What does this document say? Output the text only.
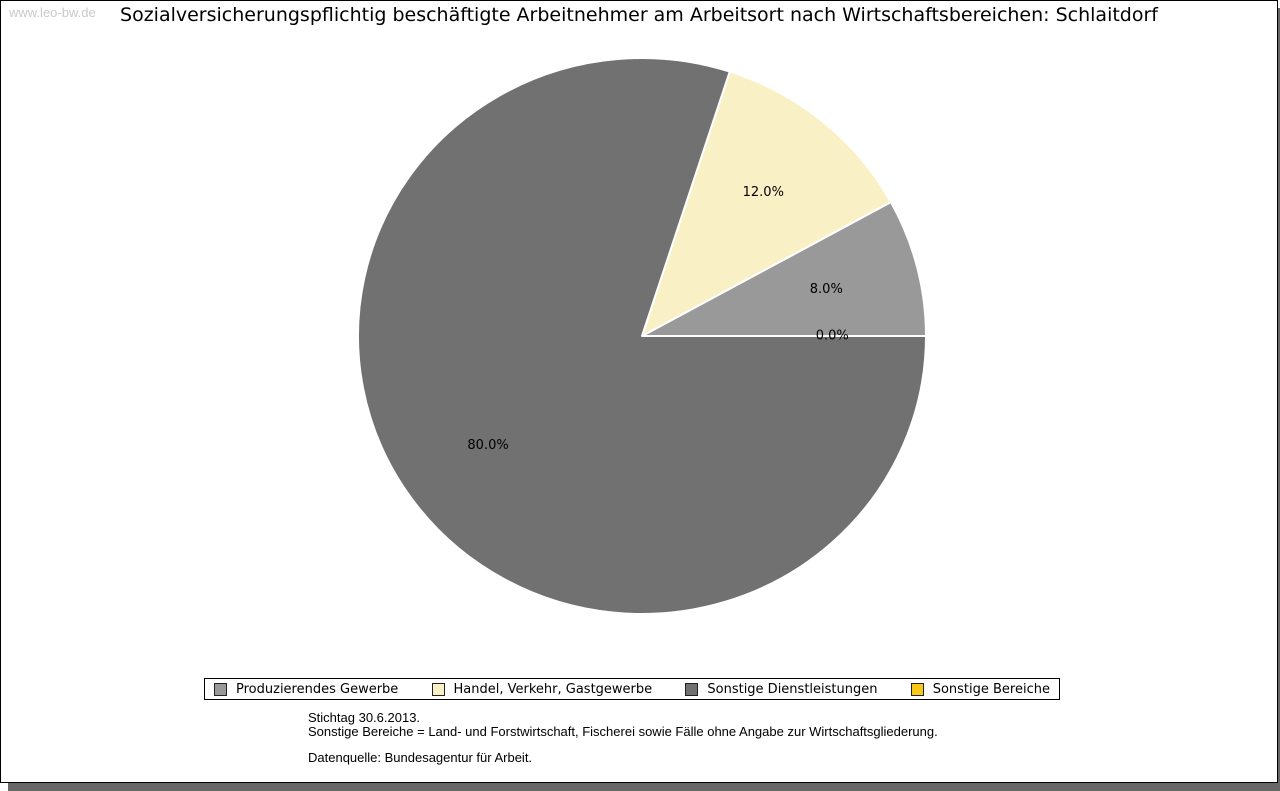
www.leo-bw.de	Sozialversicherungspflichtig beschäftigte Arbeitnehmer am Arbeitsort nach Wirtschaftsbereichen: Schlaitdorf
8.0%
12.0%
80.0%
0.0%
Produzierendes Gewerbe	Handel, Verkehr, Gastgewerbe	Sonstige Dienstleistungen	Sonstige Bereiche
Stichtag 30.6.2013.
Sonstige Bereiche = Land- und Forstwirtschaft, Fischerei sowie Fälle ohne Angabe zur Wirtschaftsgliederung.
Datenquelle: Bundesagentur für Arbeit.
